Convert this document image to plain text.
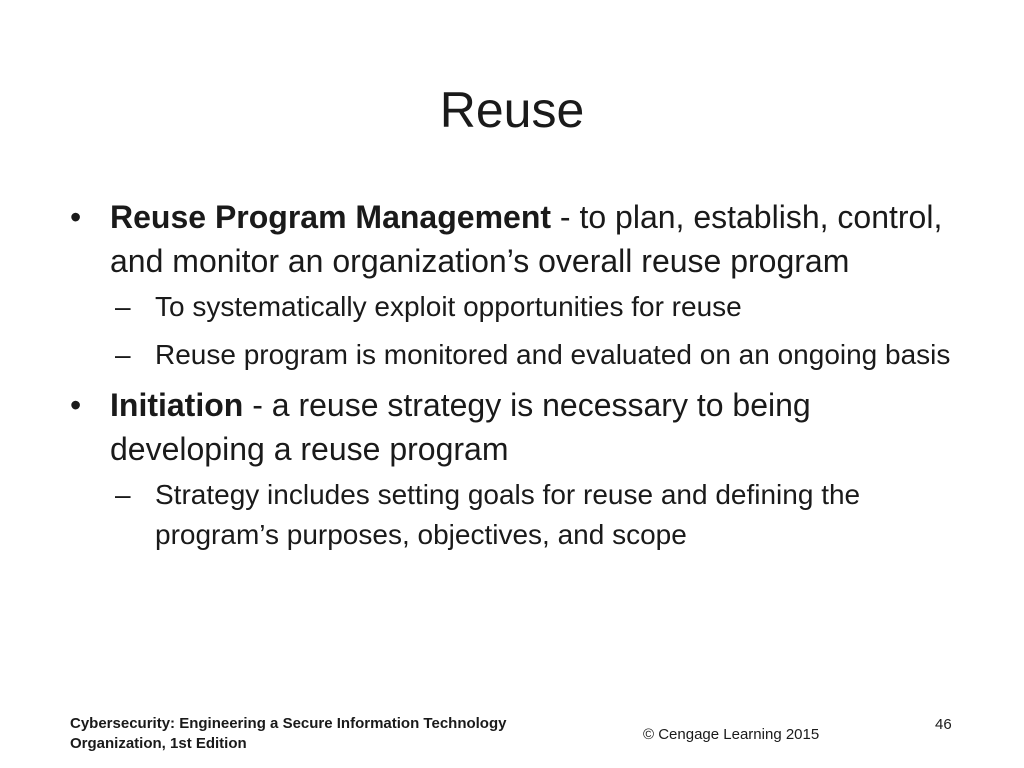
Reuse
• Reuse Program Management - to plan, establish, control, and monitor an organization’s overall reuse program
– To systematically exploit opportunities for reuse
– Reuse program is monitored and evaluated on an ongoing basis
• Initiation - a reuse strategy is necessary to being developing a reuse program
– Strategy includes setting goals for reuse and defining the program’s purposes, objectives, and scope
Cybersecurity: Engineering a Secure Information Technology
Organization, 1st Edition
© Cengage Learning 2015
46
